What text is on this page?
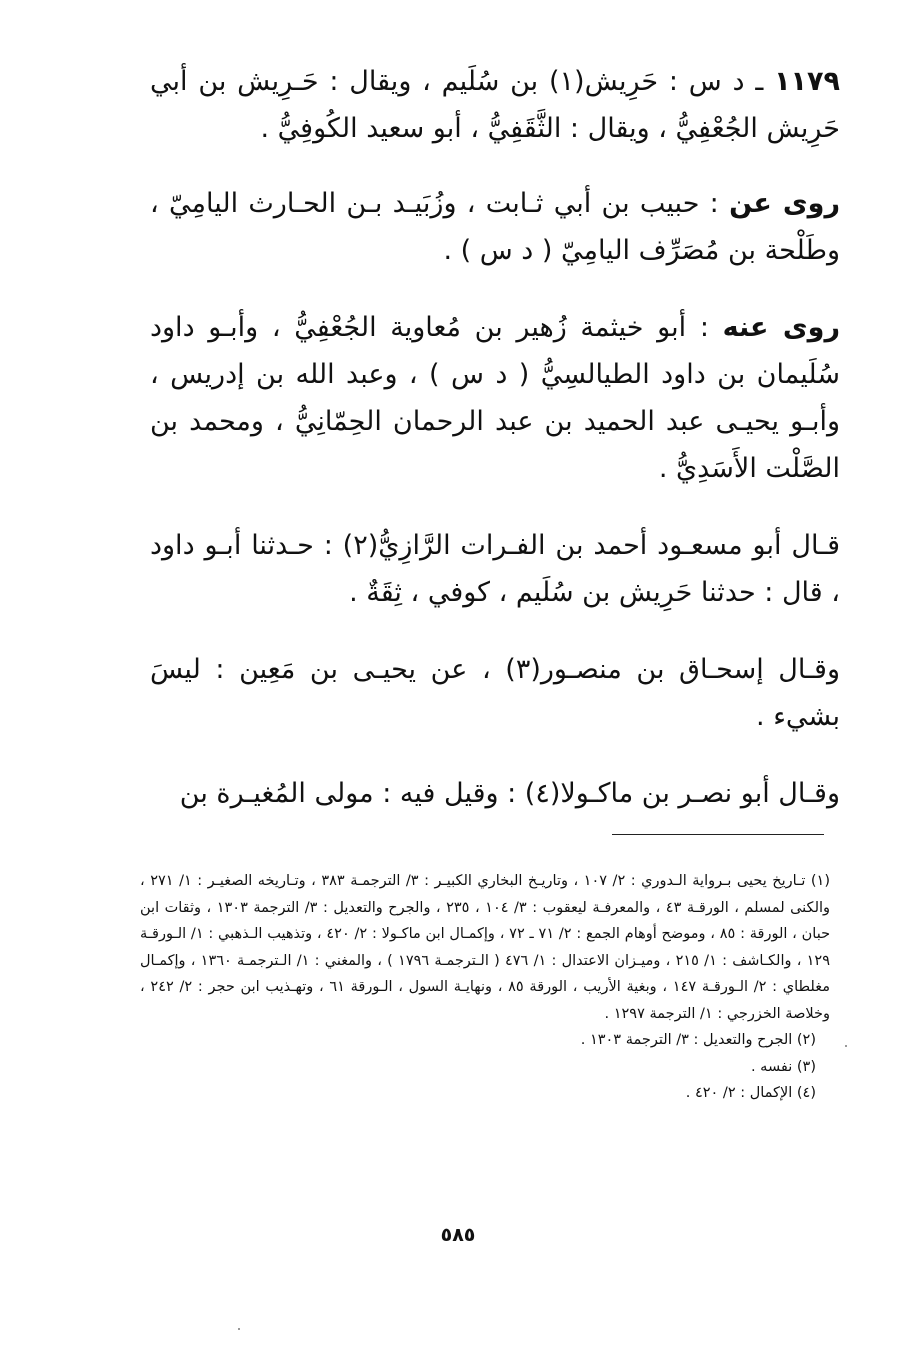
١١٧٩ ـ د س : حَرِيش(١) بن سُلَيم ، ويقال : حَـرِيش بن أبي حَرِيش الجُعْفِيُّ ، ويقال : الثَّقَفِيُّ ، أبو سعيد الكُوفِيُّ .

روى عن : حبيب بن أبي ثـابت ، وزُبَيـد بـن الحـارث اليامِيّ ، وطَلْحة بن مُصَرِّف اليامِيّ ( د س ) .

روى عنه : أبو خيثمة زُهير بن مُعاوية الجُعْفِيُّ ، وأبـو داود سُلَيمان بن داود الطيالسِيُّ ( د س ) ، وعبد الله بن إدريس ، وأبـو يحيـى عبد الحميد بن عبد الرحمان الحِمّانِيُّ ، ومحمد بن الصَّلْت الأَسَدِيُّ .

قـال أبو مسعـود أحمد بن الفـرات الرَّازِيُّ(٢) : حـدثنا أبـو داود ، قال : حدثنا حَرِيش بن سُلَيم ، كوفي ، ثِقَةٌ .

وقـال إسحـاق بن منصـور(٣) ، عن يحيـى بن مَعِين : ليسَ بشيء .

وقـال أبو نصـر بن ماكـولا(٤) : وقيل فيه : مولى المُغيـرة بن

(١) تـاريخ يحيى بـرواية الـدوري : ٢/ ١٠٧ ، وتاريـخ البخاري الكبيـر : ٣/ الترجمـة ٣٨٣ ، وتـاريخه الصغيـر : ١/ ٢٧١ ، والكنى لمسلم ، الورقـة ٤٣ ، والمعرفـة ليعقوب : ٣/ ١٠٤ ، ٢٣٥ ، والجرح والتعديل : ٣/ الترجمة ١٣٠٣ ، وثقات ابن حبان ، الورقة : ٨٥ ، وموضح أوهام الجمع : ٢/ ٧١ ـ ٧٢ ، وإكمـال ابن ماكـولا : ٢/ ٤٢٠ ، وتذهيب الـذهبي : ١/ الـورقـة ١٢٩ ، والكـاشف : ١/ ٢١٥ ، وميـزان الاعتدال : ١/ ٤٧٦ ( الـترجمـة ١٧٩٦ ) ، والمغني : ١/ الـترجمـة ١٣٦٠ ، وإكمـال مغلطاي : ٢/ الـورقـة ١٤٧ ، وبغية الأريب ، الورقة ٨٥ ، ونهايـة السول ، الـورقة ٦١ ، وتهـذيب ابن حجر : ٢/ ٢٤٢ ، وخلاصة الخزرجي : ١/ الترجمة ١٢٩٧ .

(٢) الجرح والتعديل : ٣/ الترجمة ١٣٠٣ .

(٣) نفسه .

(٤) الإكمال : ٢/ ٤٢٠ .

٥٨٥
